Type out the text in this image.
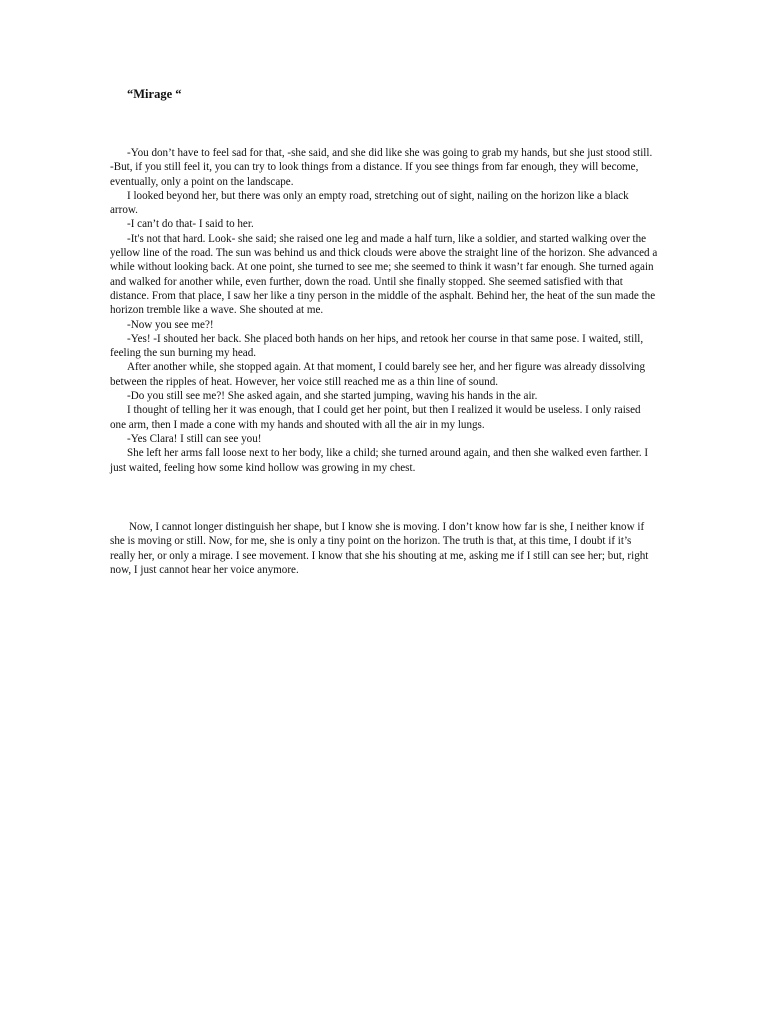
“Mirage “

-You don’t have to feel sad for that, -she said, and she did like she was going to grab my hands, but she just stood still. -But, if you still feel it, you can try to look things from a distance. If you see things from far enough, they will become, eventually, only a point on the landscape.

I looked beyond her, but there was only an empty road, stretching out of sight, nailing on the horizon like a black arrow.

-I can’t do that- I said to her.

-It's not that hard. Look- she said; she raised one leg and made a half turn, like a soldier, and started walking over the yellow line of the road. The sun was behind us and thick clouds were above the straight line of the horizon. She advanced a while without looking back. At one point, she turned to see me; she seemed to think it wasn’t far enough. She turned again and walked for another while, even further, down the road. Until she finally stopped. She seemed satisfied with that distance. From that place, I saw her like a tiny person in the middle of the asphalt. Behind her, the heat of the sun made the horizon tremble like a wave. She shouted at me.

-Now you see me?!

-Yes! -I shouted her back. She placed both hands on her hips, and retook her course in that same pose. I waited, still, feeling the sun burning my head.

After another while, she stopped again. At that moment, I could barely see her, and her figure was already dissolving between the ripples of heat. However, her voice still reached me as a thin line of sound.

-Do you still see me?! She asked again, and she started jumping, waving his hands in the air.

I thought of telling her it was enough, that I could get her point, but then I realized it would be useless. I only raised one arm, then I made a cone with my hands and shouted with all the air in my lungs.

-Yes Clara! I still can see you!

She left her arms fall loose next to her body, like a child; she turned around again, and then she walked even farther. I just waited, feeling how some kind hollow was growing in my chest.

Now, I cannot longer distinguish her shape, but I know she is moving. I don’t know how far is she, I neither know if she is moving or still. Now, for me, she is only a tiny point on the horizon. The truth is that, at this time, I doubt if it’s really her, or only a mirage. I see movement. I know that she his shouting at me, asking me if I still can see her; but, right now, I just cannot hear her voice anymore.
